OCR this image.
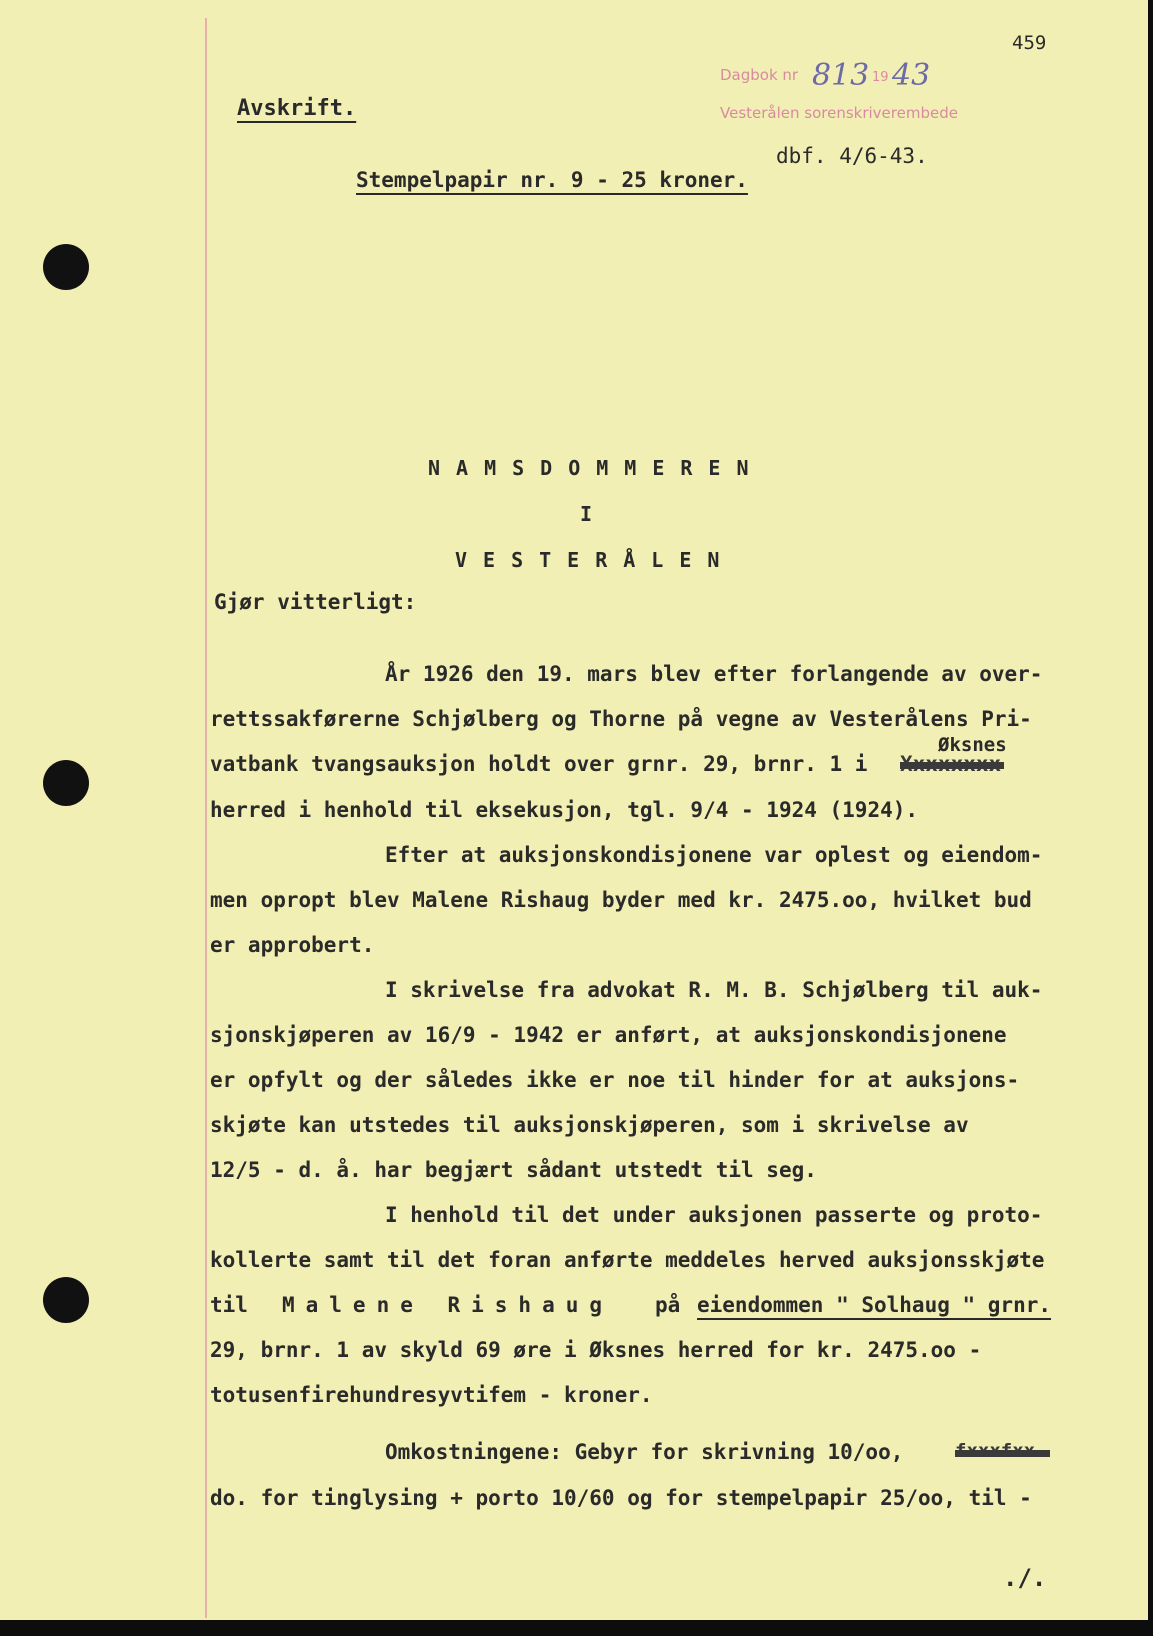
459
Avskrift.
Dagbok nr 813 19 43
Vesterålen sorenskriverembede
dbf. 4/6-43.
Stempelpapir nr. 9 - 25 kroner.
NAMSDOMMEREN
I
VESTERÅLEN
Gjør vitterligt:
År 1926 den 19. mars blev efter forlangende av over-
rettssakførerne Schjølberg og Thorne på vegne av Vesterålens Pri-
Øksnes
vatbank tvangsauksjon holdt over grnr. 29, brnr. 1 i
herred i henhold til eksekusjon, tgl. 9/4 - 1924 (1924).
Efter at auksjonskondisjonene var oplest og eiendom-
men opropt blev Malene Rishaug byder med kr. 2475.oo, hvilket bud
er approbert.
I skrivelse fra advokat R. M. B. Schjølberg til auk-
sjonskjøperen av 16/9 - 1942 er anført, at auksjonskondisjonene
er opfylt og der således ikke er noe til hinder for at auksjons-
skjøte kan utstedes til auksjonskjøperen, som i skrivelse av
12/5 - d. å. har begjært sådant utstedt til seg.
I henhold til det under auksjonen passerte og proto-
kollerte samt til det foran anførte meddeles herved auksjonsskjøte
til Malene Rishaug på eiendommen " Solhaug " grnr.
29, brnr. 1 av skyld 69 øre i Øksnes herred for kr. 2475.oo -
totusenfirehundresyvtifem - kroner.
Omkostningene: Gebyr for skrivning 10/oo,
do. for tinglysing + porto 10/60 og for stempelpapir 25/oo, til -
./.
